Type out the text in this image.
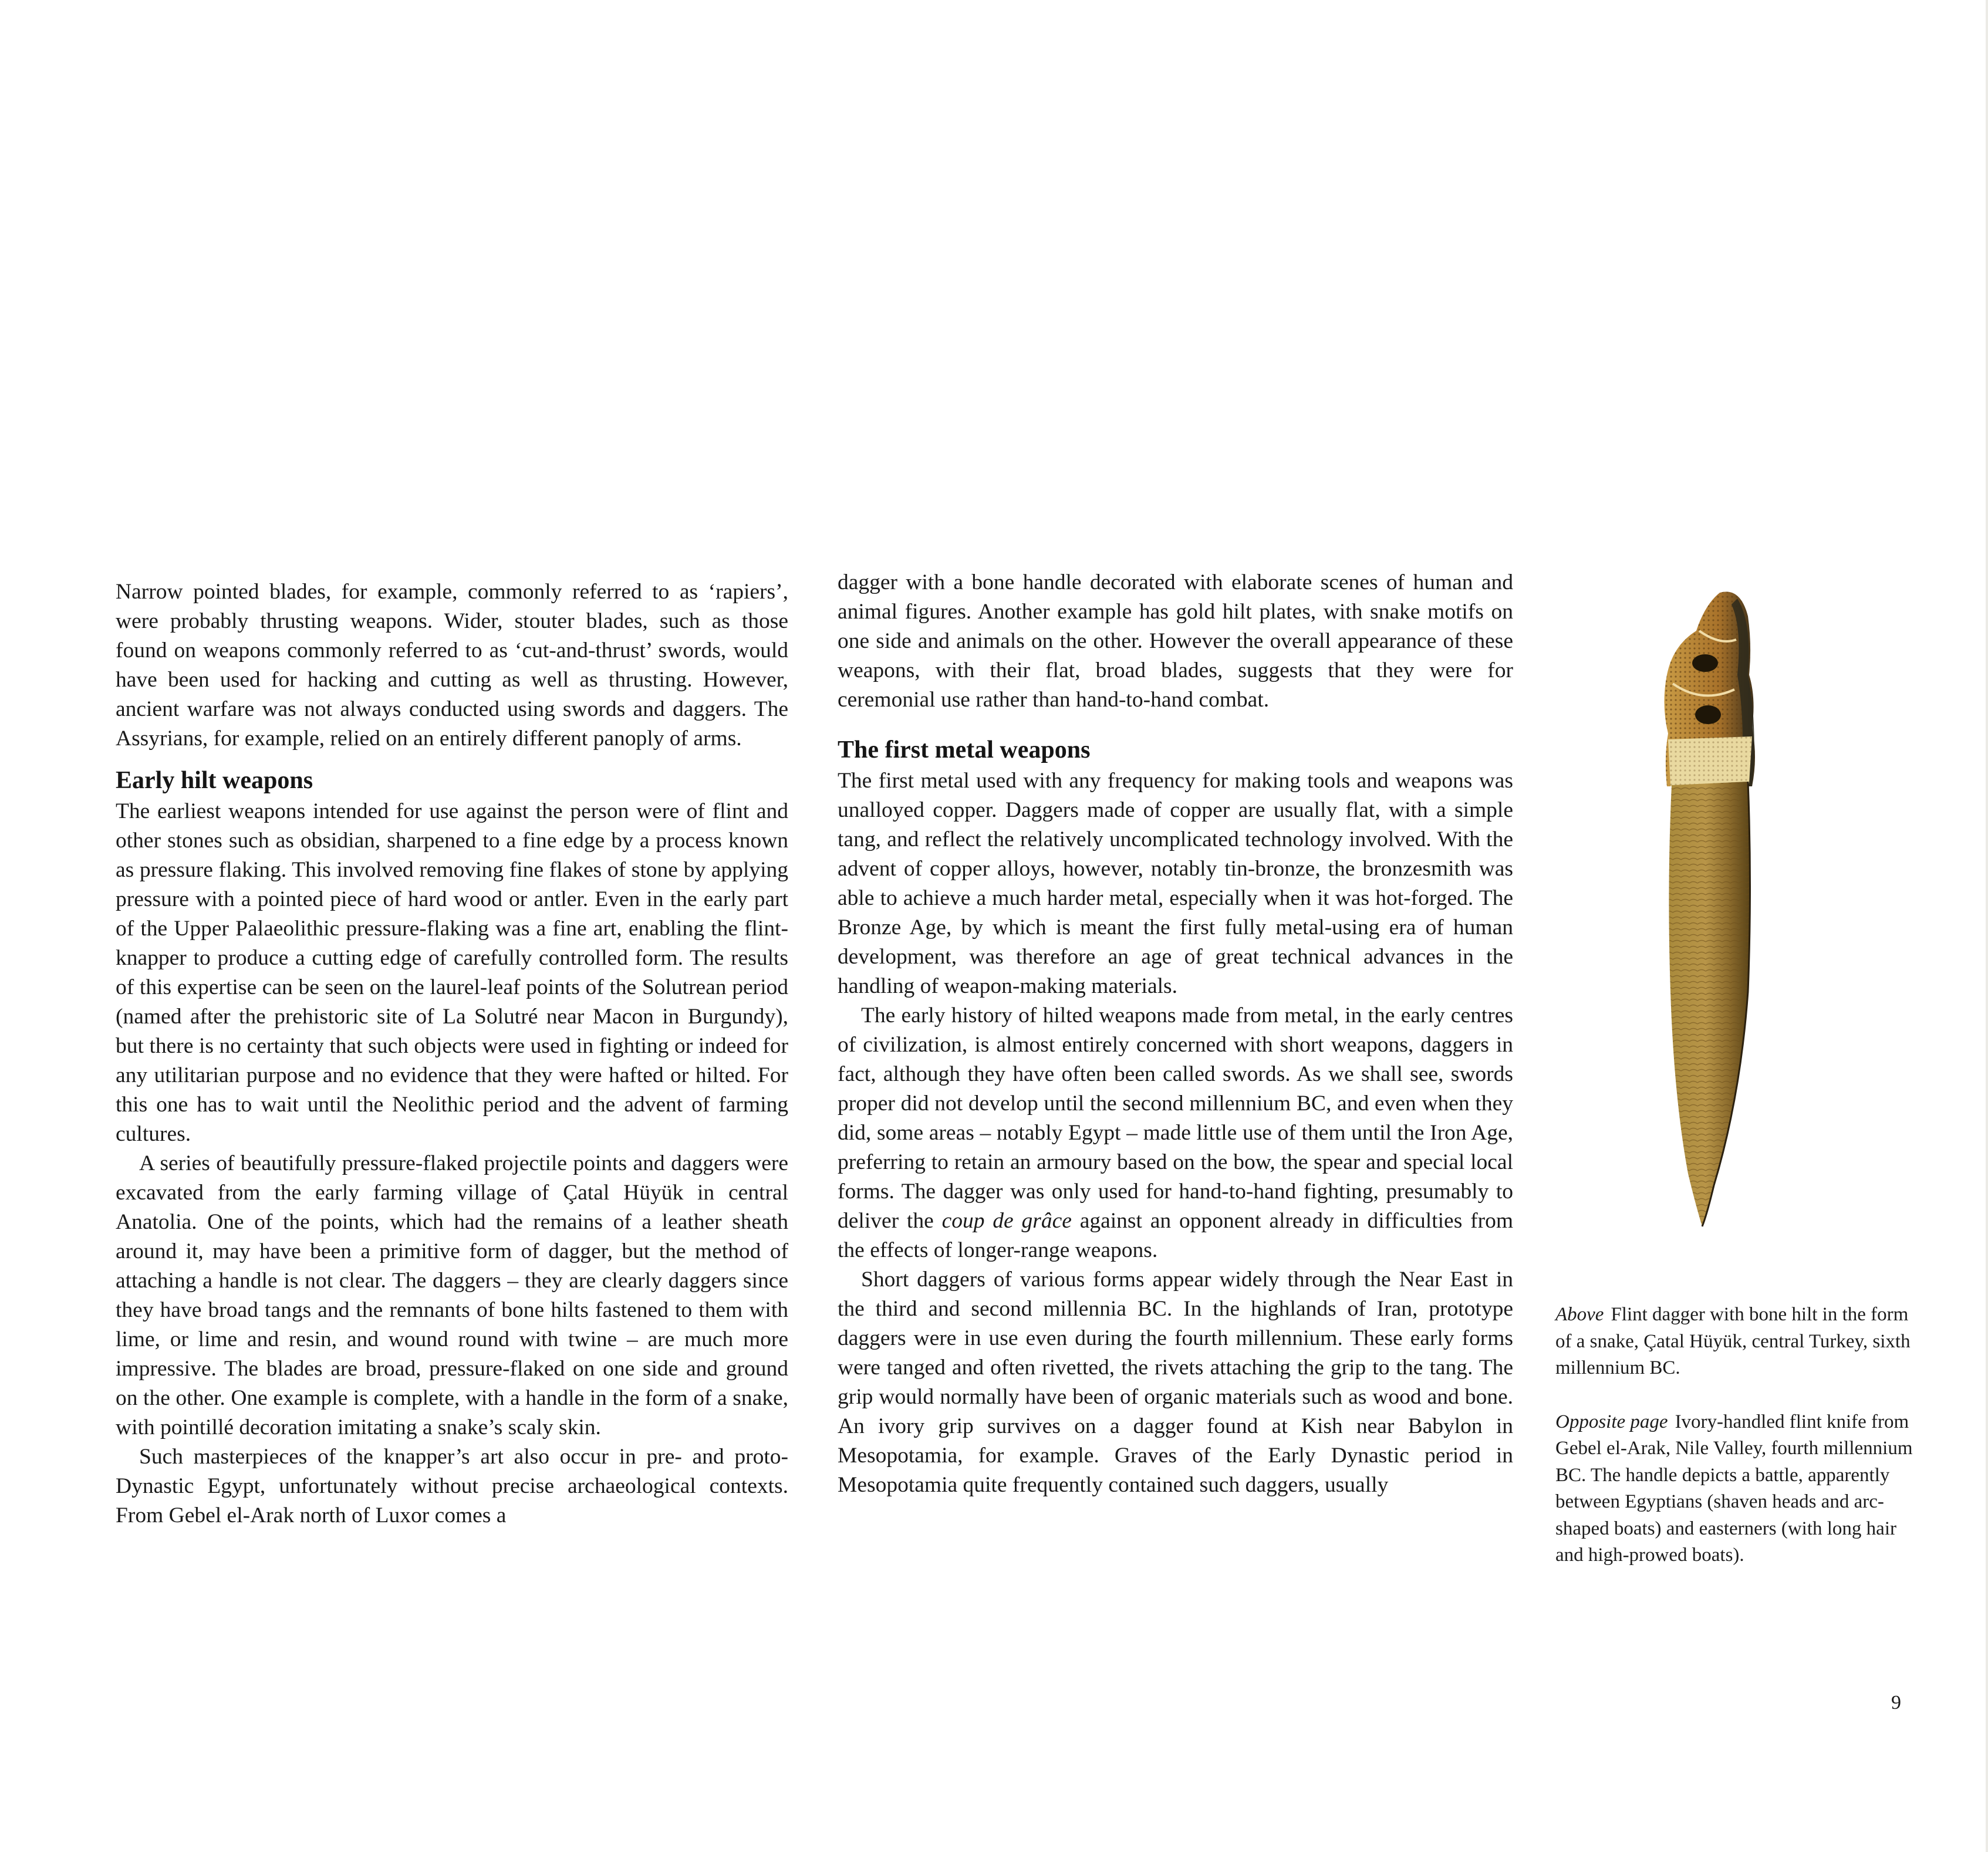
Narrow pointed blades, for example, commonly referred to as ‘rapiers’, were probably thrusting weapons. Wider, stouter blades, such as those found on weapons commonly referred to as ‘cut-and-thrust’ swords, would have been used for hacking and cutting as well as thrusting. However, ancient warfare was not always conducted using swords and daggers. The Assyrians, for example, relied on an entirely different panoply of arms.

Early hilt weapons

The earliest weapons intended for use against the person were of flint and other stones such as obsidian, sharpened to a fine edge by a process known as pressure flaking. This involved removing fine flakes of stone by applying pressure with a pointed piece of hard wood or antler. Even in the early part of the Upper Palaeolithic pressure-flaking was a fine art, enabling the flint-knapper to produce a cutting edge of carefully controlled form. The results of this expertise can be seen on the laurel-leaf points of the Solutrean period (named after the prehistoric site of La Solutré near Macon in Burgundy), but there is no certainty that such objects were used in fighting or indeed for any utilitarian purpose and no evidence that they were hafted or hilted. For this one has to wait until the Neolithic period and the advent of farming cultures.

A series of beautifully pressure-flaked projectile points and daggers were excavated from the early farming village of Çatal Hüyük in central Anatolia. One of the points, which had the remains of a leather sheath around it, may have been a primitive form of dagger, but the method of attaching a handle is not clear. The daggers – they are clearly daggers since they have broad tangs and the remnants of bone hilts fastened to them with lime, or lime and resin, and wound round with twine – are much more impressive. The blades are broad, pressure-flaked on one side and ground on the other. One example is complete, with a handle in the form of a snake, with pointillé decoration imitating a snake’s scaly skin.

Such masterpieces of the knapper’s art also occur in pre- and proto-Dynastic Egypt, unfortunately without precise archaeological contexts. From Gebel el-Arak north of Luxor comes a

dagger with a bone handle decorated with elaborate scenes of human and animal figures. Another example has gold hilt plates, with snake motifs on one side and animals on the other. However the overall appearance of these weapons, with their flat, broad blades, suggests that they were for ceremonial use rather than hand-to-hand combat.

The first metal weapons

The first metal used with any frequency for making tools and weapons was unalloyed copper. Daggers made of copper are usually flat, with a simple tang, and reflect the relatively uncomplicated technology involved. With the advent of copper alloys, however, notably tin-bronze, the bronzesmith was able to achieve a much harder metal, especially when it was hot-forged. The Bronze Age, by which is meant the first fully metal-using era of human development, was therefore an age of great technical advances in the handling of weapon-making materials.

The early history of hilted weapons made from metal, in the early centres of civilization, is almost entirely concerned with short weapons, daggers in fact, although they have often been called swords. As we shall see, swords proper did not develop until the second millennium BC, and even when they did, some areas – notably Egypt – made little use of them until the Iron Age, preferring to retain an armoury based on the bow, the spear and special local forms. The dagger was only used for hand-to-hand fighting, presumably to deliver the coup de grâce against an opponent already in difficulties from the effects of longer-range weapons.

Short daggers of various forms appear widely through the Near East in the third and second millennia BC. In the highlands of Iran, prototype daggers were in use even during the fourth millennium. These early forms were tanged and often rivetted, the rivets attaching the grip to the tang. The grip would normally have been of organic materials such as wood and bone. An ivory grip survives on a dagger found at Kish near Babylon in Mesopotamia, for example. Graves of the Early Dynastic period in Mesopotamia quite frequently contained such daggers, usually

Above Flint dagger with bone hilt in the form of a snake, Çatal Hüyük, central Turkey, sixth millennium BC.

Opposite page Ivory-handled flint knife from Gebel el-Arak, Nile Valley, fourth millennium BC. The handle depicts a battle, apparently between Egyptians (shaven heads and arc-shaped boats) and easterners (with long hair and high-prowed boats).

9
